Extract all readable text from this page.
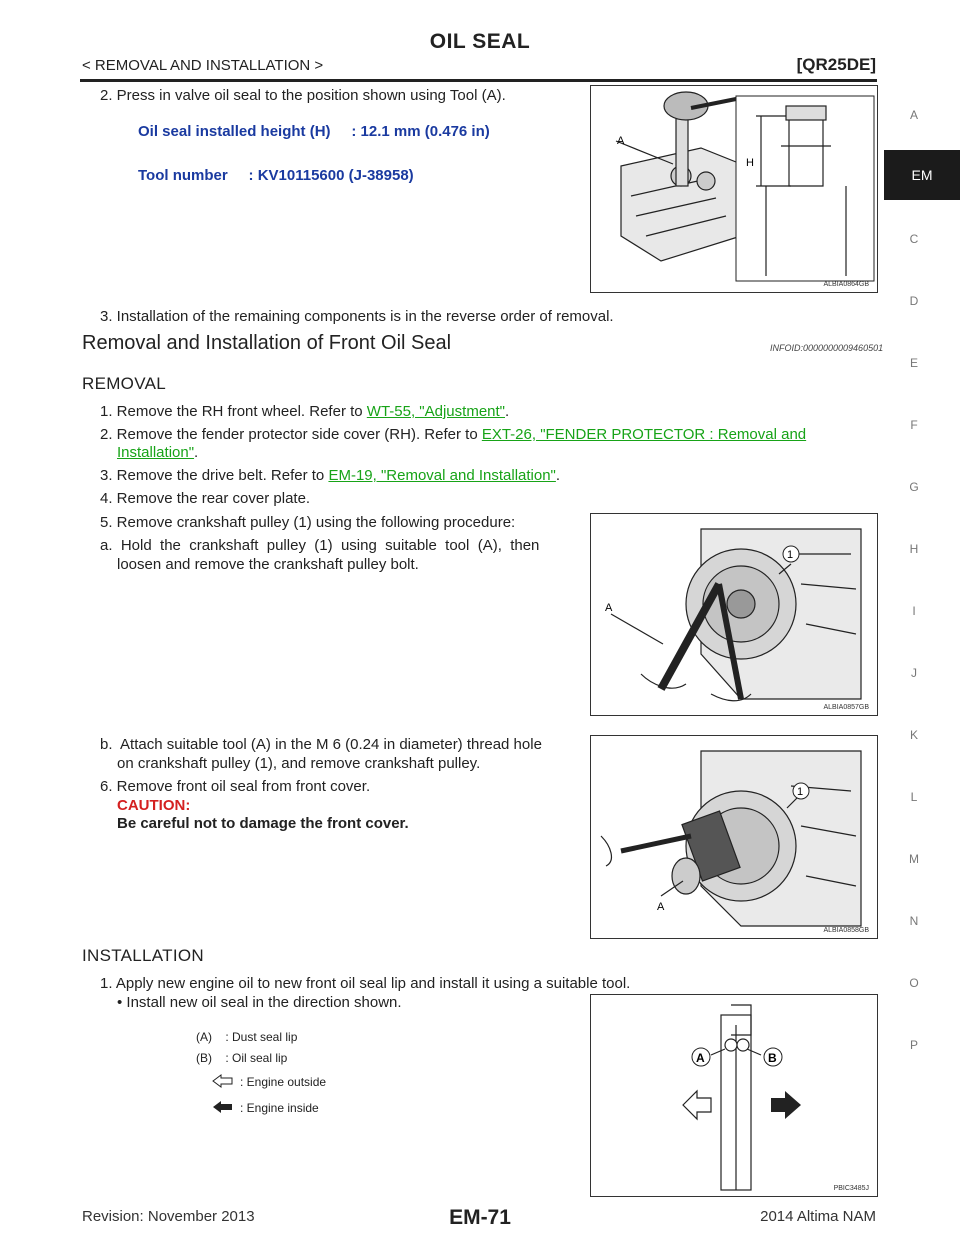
OIL SEAL
< REMOVAL AND INSTALLATION >	[QR25DE]
A
EM
C
D
E
F
G
H
I
J
K
L
M
N
O
P
2. Press in valve oil seal to the position shown using Tool (A).
Oil seal installed height (H)     : 12.1 mm (0.476 in)
Tool number     : KV10115600 (J-38958)
A
H
ALBIA0864GB
3. Installation of the remaining components is in the reverse order of removal.
Removal and Installation of Front Oil Seal	INFOID:0000000009460501
REMOVAL
1. Remove the RH front wheel. Refer to WT-55, "Adjustment".
2. Remove the fender protector side cover (RH). Refer to EXT-26, "FENDER PROTECTOR : Removal and
Installation".
3. Remove the drive belt. Refer to EM-19, "Removal and Installation".
4. Remove the rear cover plate.
5. Remove crankshaft pulley (1) using the following procedure:
a.  Hold  the  crankshaft  pulley  (1)  using  suitable  tool  (A),  then
loosen and remove the crankshaft pulley bolt.
1
A
ALBIA0857GB
b.  Attach suitable tool (A) in the M 6 (0.24 in diameter) thread hole
on crankshaft pulley (1), and remove crankshaft pulley.
6. Remove front oil seal from front cover.
CAUTION:
Be careful not to damage the front cover.
1
A
ALBIA0858GB
INSTALLATION
1. Apply new engine oil to new front oil seal lip and install it using a suitable tool.
• Install new oil seal in the direction shown.
A	B
PBIC3485J
(A)    : Dust seal lip
(B)    : Oil seal lip
: Engine outside
: Engine inside
Revision: November 2013	EM-71	2014 Altima NAM
